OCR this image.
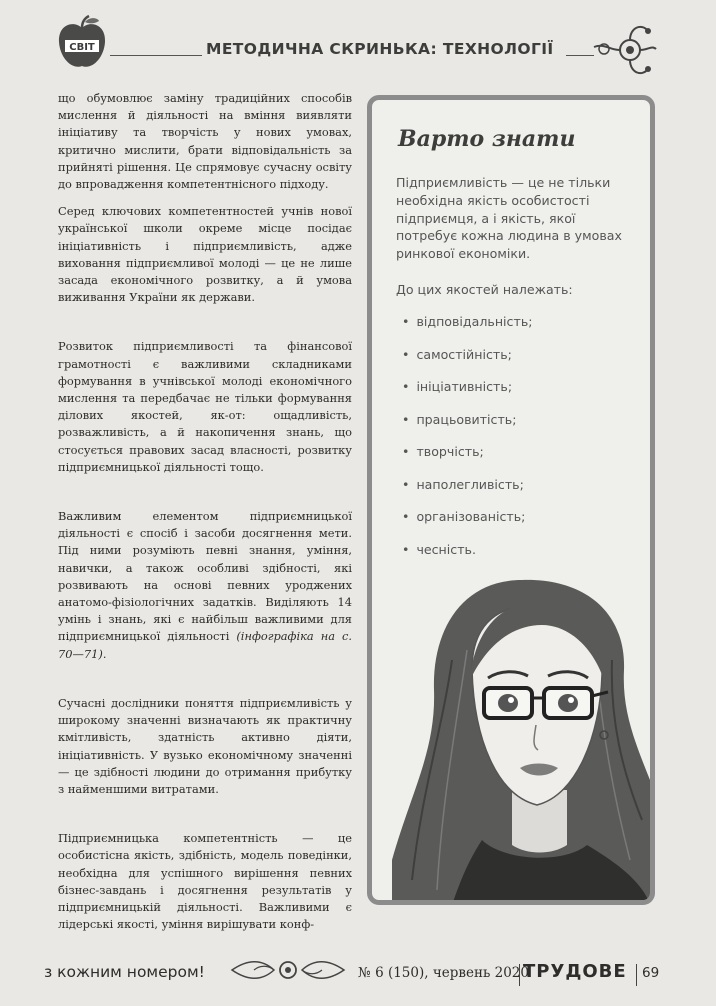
СВІТ	МЕТОДИЧНА СКРИНЬКА: ТЕХНОЛОГІЇ

що обумовлює заміну традиційних способів мислення й діяльності на вміння виявляти ініціативу та творчість у нових умовах, критично мислити, брати відповідальність за прийняті рішення. Це спрямовує сучасну освіту до впровадження компетентнісного підходу.

Серед ключових компетентностей учнів нової української школи окреме місце посідає ініціативність і підприємливість, адже виховання підприємливої молоді — це не лише засада економічного розвитку, а й умова виживання України як держави.

Розвиток підприємливості та фінансової грамотності є важливими складниками формування в учнівської молоді економічного мислення та передбачає не тільки формування ділових якостей, як-от: ощадливість, розважливість, а й накопичення знань, що стосується правових засад власності, розвитку підприємницької діяльності тощо.

Важливим елементом підприємницької діяльності є спосіб і засоби досягнення мети. Під ними розуміють певні знання, уміння, навички, а також особливі здібності, які розвивають на основі певних уроджених анатомо-фізіологічних задатків. Виділяють 14 умінь і знань, які є найбільш важливими для підприємницької діяльності (інфографіка на с. 70—71).

Сучасні дослідники поняття підприємливість у широкому значенні визначають як практичну кмітливість, здатність активно діяти, ініціативність. У вузько економічному значенні — це здібності людини до отримання прибутку з найменшими витратами.

Підприємницька компетентність — це особистісна якість, здібність, модель поведінки, необхідна для успішного вирішення певних бізнес-завдань і досягнення результатів у підприємницькій діяльності. Важливими є лідерські якості, уміння вирішувати конф-

Варто знати
Підприємливість — це не тільки необхідна якість особистості підприємця, а і якість, якої потребує кожна людина в умовах ринкової економіки.
До цих якостей належать:
• відповідальність;
• самостійність;
• ініціативність;
• працьовитість;
• творчість;
• наполегливість;
• організованість;
• чесність.
з кожним номером!	№ 6 (150), червень 2020
ТРУДОВЕ 69
